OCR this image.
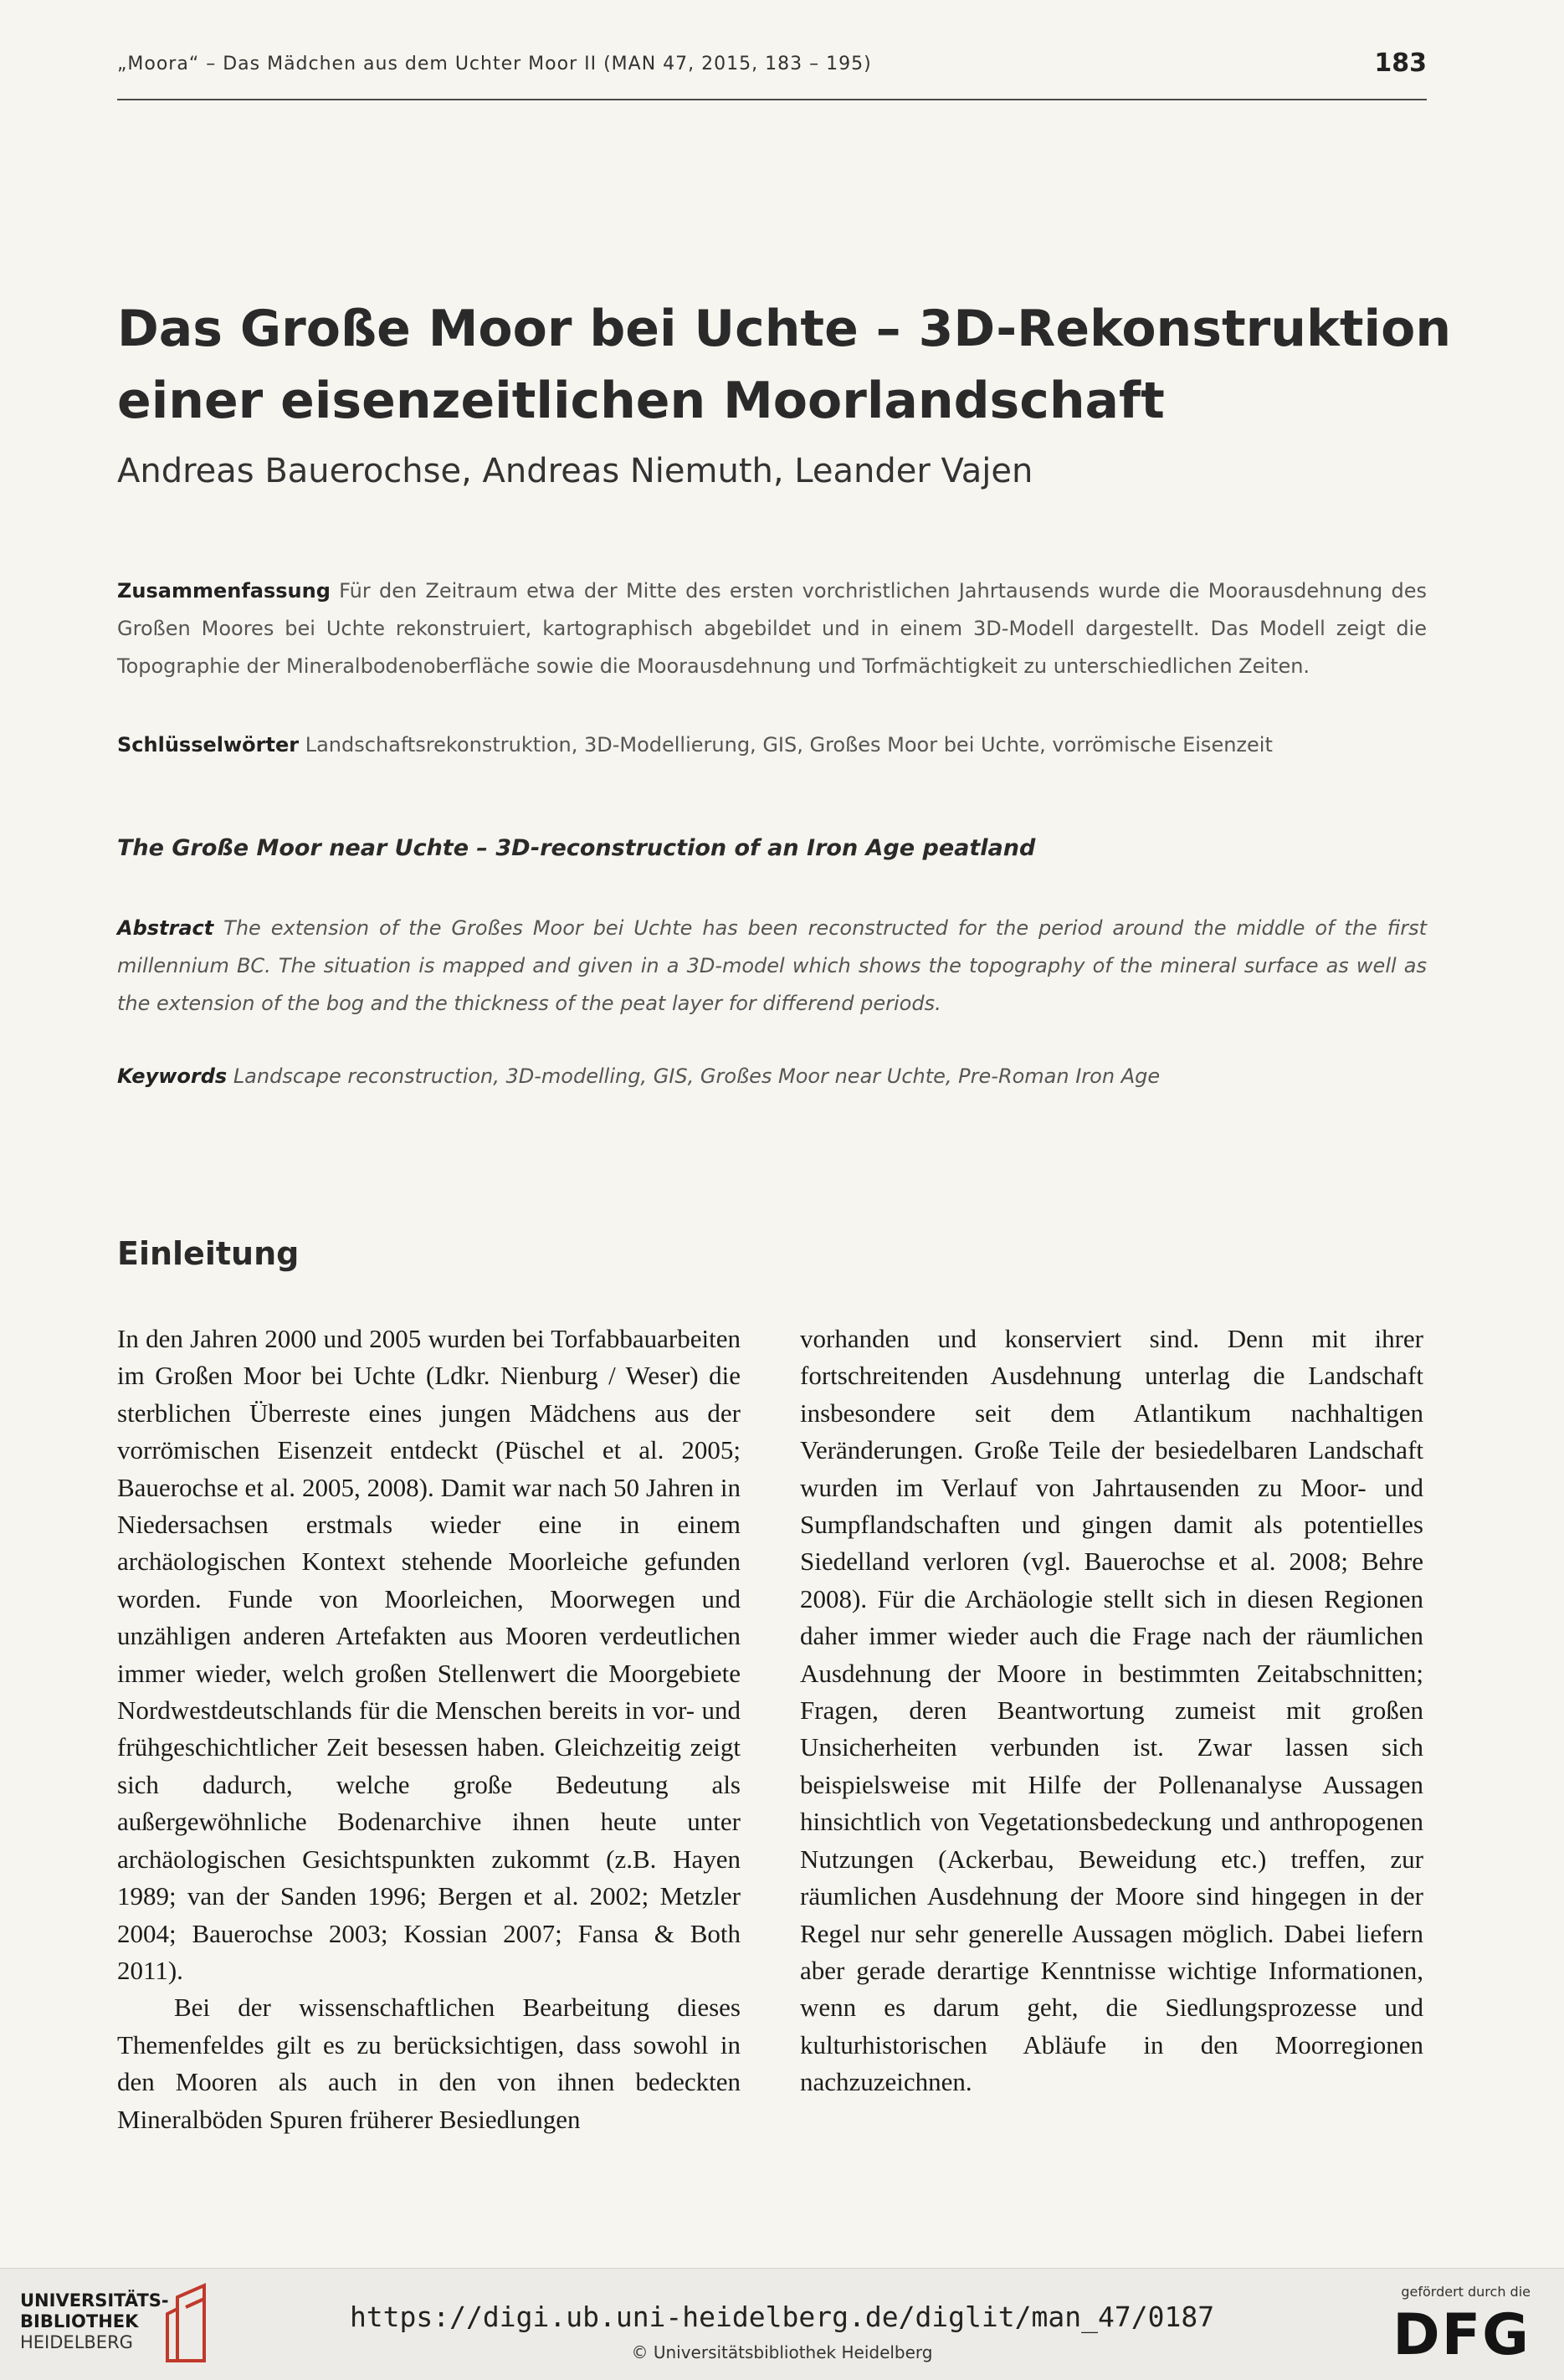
„Moora“ – Das Mädchen aus dem Uchter Moor II (MAN 47, 2015, 183 – 195)	183
Das Große Moor bei Uchte – 3D-Rekonstruktion einer eisenzeitlichen Moorlandschaft
Andreas Bauerochse, Andreas Niemuth, Leander Vajen
Zusammenfassung Für den Zeitraum etwa der Mitte des ersten vorchristlichen Jahrtausends wurde die Moorausdehnung des Großen Moores bei Uchte rekonstruiert, kartographisch abgebildet und in einem 3D-Modell dargestellt. Das Modell zeigt die Topographie der Mineralbodenoberfläche sowie die Moorausdehnung und Torfmächtigkeit zu unterschiedlichen Zeiten.
Schlüsselwörter Landschaftsrekonstruktion, 3D-Modellierung, GIS, Großes Moor bei Uchte, vorrömische Eisenzeit
The Große Moor near Uchte – 3D-reconstruction of an Iron Age peatland
Abstract The extension of the Großes Moor bei Uchte has been reconstructed for the period around the middle of the first millennium BC. The situation is mapped and given in a 3D-model which shows the topography of the mineral surface as well as the extension of the bog and the thickness of the peat layer for differend periods.
Keywords Landscape reconstruction, 3D-modelling, GIS, Großes Moor near Uchte, Pre-Roman Iron Age
Einleitung

In den Jahren 2000 und 2005 wurden bei Torfabbauarbeiten im Großen Moor bei Uchte (Ldkr. Nienburg / Weser) die sterblichen Überreste eines jungen Mädchens aus der vorrömischen Eisenzeit entdeckt (Püschel et al. 2005; Bauerochse et al. 2005, 2008). Damit war nach 50 Jahren in Niedersachsen erstmals wieder eine in einem archäologischen Kontext stehende Moorleiche gefunden worden. Funde von Moorleichen, Moorwegen und unzähligen anderen Artefakten aus Mooren verdeutlichen immer wieder, welch großen Stellenwert die Moorgebiete Nordwestdeutschlands für die Menschen bereits in vor- und frühgeschichtlicher Zeit besessen haben. Gleichzeitig zeigt sich dadurch, welche große Bedeutung als außergewöhnliche Bodenarchive ihnen heute unter archäologischen Gesichtspunkten zukommt (z.B. Hayen 1989; van der Sanden 1996; Bergen et al. 2002; Metzler 2004; Bauerochse 2003; Kossian 2007; Fansa & Both 2011).

Bei der wissenschaftlichen Bearbeitung dieses Themenfeldes gilt es zu berücksichtigen, dass sowohl in den Mooren als auch in den von ihnen bedeckten Mineralböden Spuren früherer Besiedlungen

vorhanden und konserviert sind. Denn mit ihrer fortschreitenden Ausdehnung unterlag die Landschaft insbesondere seit dem Atlantikum nachhaltigen Veränderungen. Große Teile der besiedelbaren Landschaft wurden im Verlauf von Jahrtausenden zu Moor- und Sumpflandschaften und gingen damit als potentielles Siedelland verloren (vgl. Bauerochse et al. 2008; Behre 2008). Für die Archäologie stellt sich in diesen Regionen daher immer wieder auch die Frage nach der räumlichen Ausdehnung der Moore in bestimmten Zeitabschnitten; Fragen, deren Beantwortung zumeist mit großen Unsicherheiten verbunden ist. Zwar lassen sich beispielsweise mit Hilfe der Pollenanalyse Aussagen hinsichtlich von Vegetationsbedeckung und anthropogenen Nutzungen (Ackerbau, Beweidung etc.) treffen, zur räumlichen Ausdehnung der Moore sind hingegen in der Regel nur sehr generelle Aussagen möglich. Dabei liefern aber gerade derartige Kenntnisse wichtige Informationen, wenn es darum geht, die Siedlungsprozesse und kulturhistorischen Abläufe in den Moorregionen nachzuzeichnen.

UNIVERSITÄTS-
BIBLIOTHEK
HEIDELBERG
https://digi.ub.uni-heidelberg.de/diglit/man_47/0187
© Universitätsbibliothek Heidelberg
gefördert durch die
DFG
